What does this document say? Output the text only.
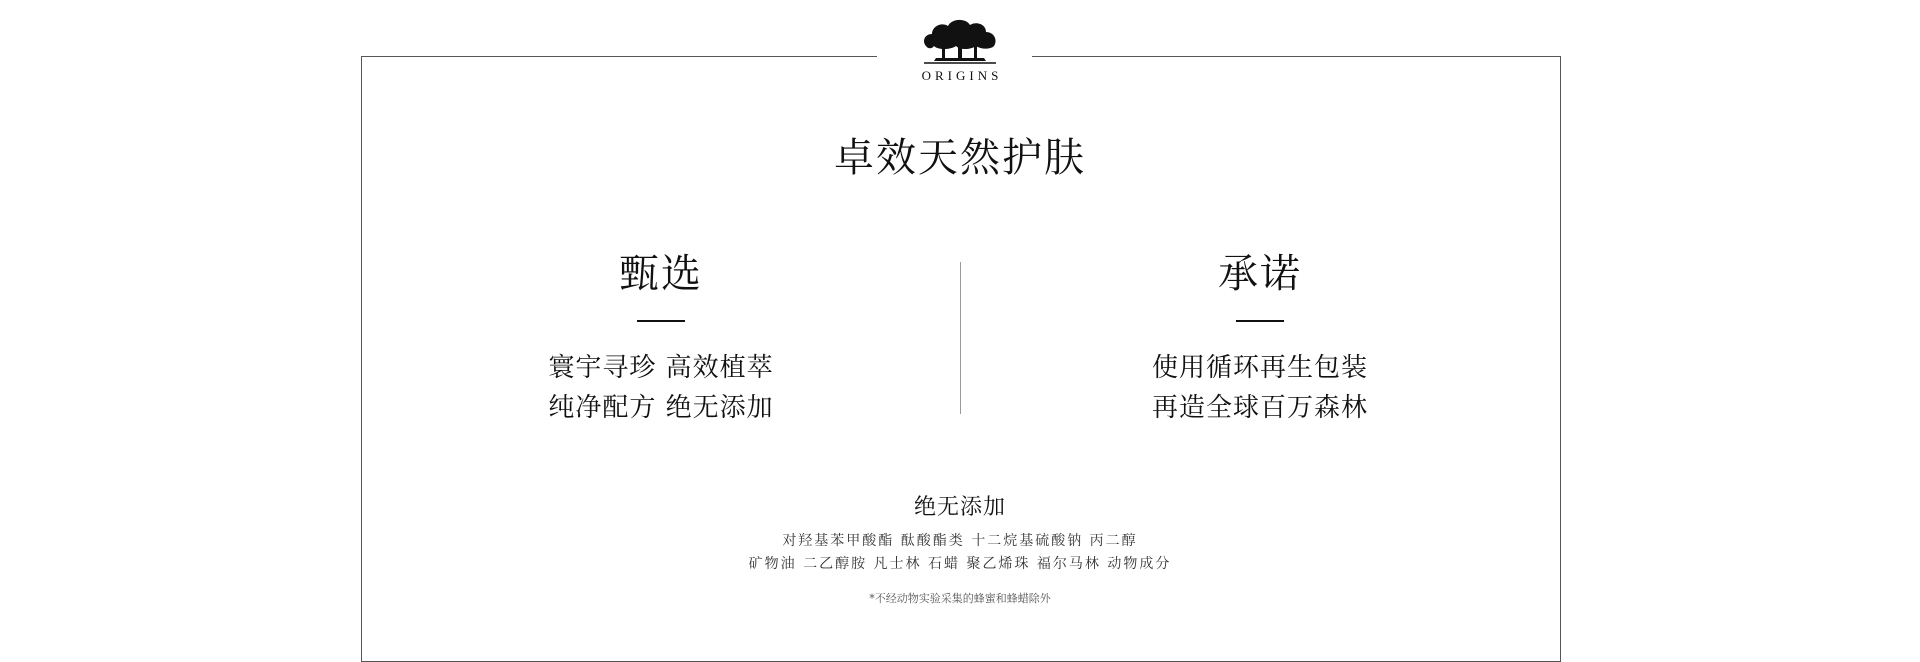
ORIGINS
卓效天然护肤
甄选
寰宇寻珍 高效植萃
纯净配方 绝无添加
承诺
使用循环再生包装
再造全球百万森林
绝无添加
对羟基苯甲酸酯 酞酸酯类 十二烷基硫酸钠 丙二醇
矿物油 二乙醇胺 凡士林 石蜡 聚乙烯珠 福尔马林 动物成分
*不经动物实验采集的蜂蜜和蜂蜡除外
